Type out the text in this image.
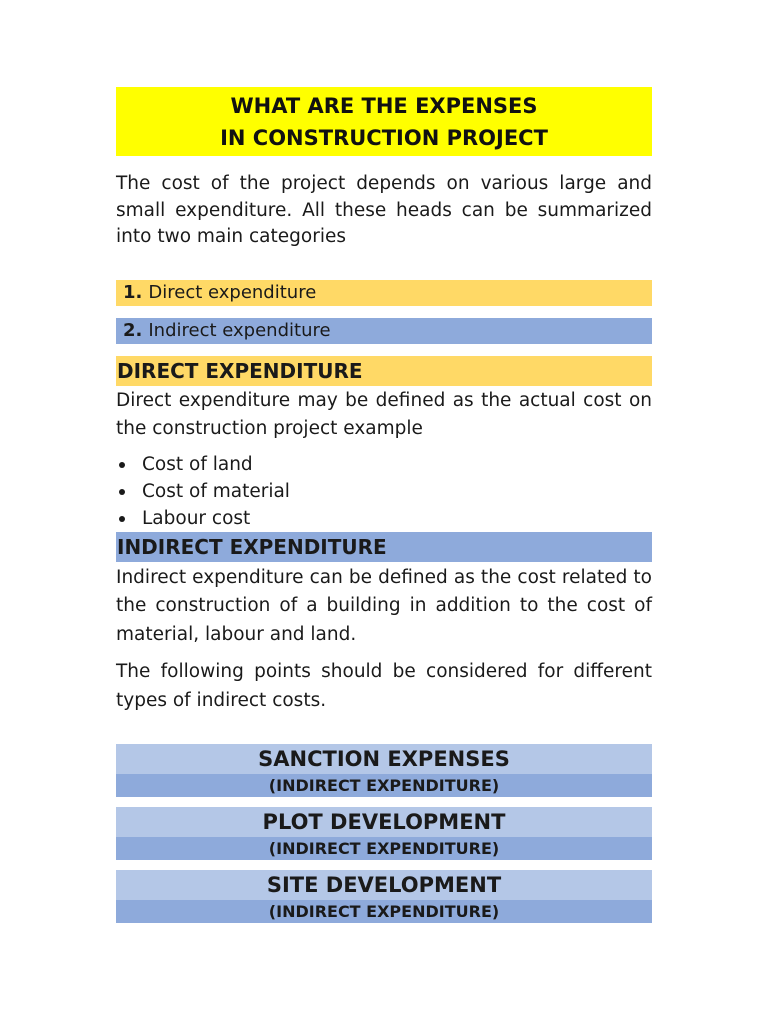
WHAT ARE THE EXPENSES
IN CONSTRUCTION PROJECT

The cost of the project depends on various large and small expenditure. All these heads can be summarized into two main categories

1. Direct expenditure
2. Indirect expenditure
DIRECT EXPENDITURE

Direct expenditure may be defined as the actual cost on the construction project example

Cost of land
Cost of material
Labour cost
INDIRECT EXPENDITURE

Indirect expenditure can be defined as the cost related to the construction of a building in addition to the cost of material, labour and land.

The following points should be considered for different types of indirect costs.

SANCTION EXPENSES
(INDIRECT EXPENDITURE)
PLOT DEVELOPMENT
(INDIRECT EXPENDITURE)
SITE DEVELOPMENT
(INDIRECT EXPENDITURE)
